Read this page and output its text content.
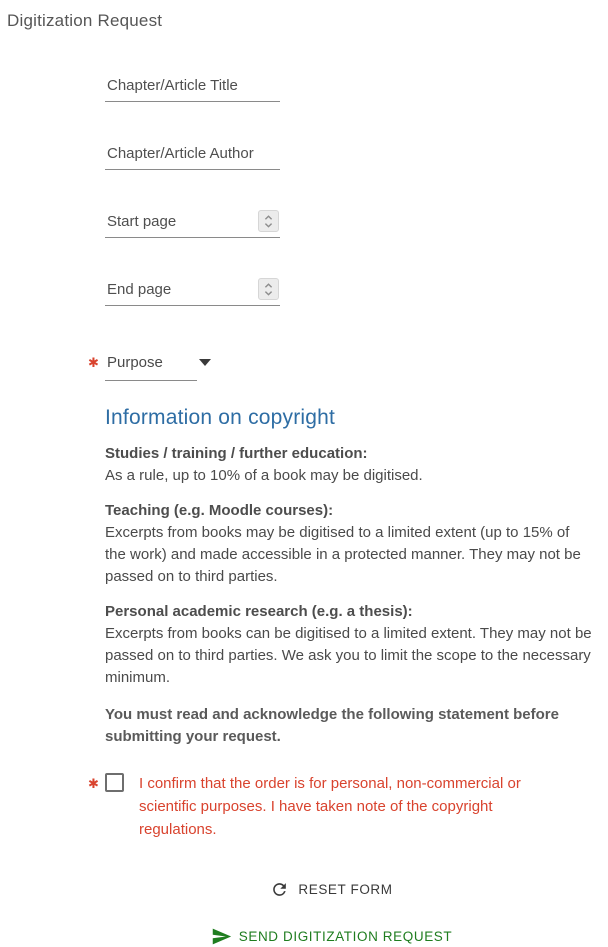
Digitization Request
Chapter/Article Title
Chapter/Article Author
Start page
End page
✱ Purpose
Information on copyright

Studies / training / further education:

As a rule, up to 10% of a book may be digitised.

Teaching (e.g. Moodle courses):

Excerpts from books may be digitised to a limited extent (up to 15% of the work) and made accessible in a protected manner. They may not be passed on to third parties.

Personal academic research (e.g. a thesis):

Excerpts from books can be digitised to a limited extent. They may not be passed on to third parties. We ask you to limit the scope to the necessary minimum.

You must read and acknowledge the following statement before submitting your request.

✱	I confirm that the order is for personal, non-commercial or scientific purposes. I have taken note of the copyright regulations.
RESET FORM
SEND DIGITIZATION REQUEST
